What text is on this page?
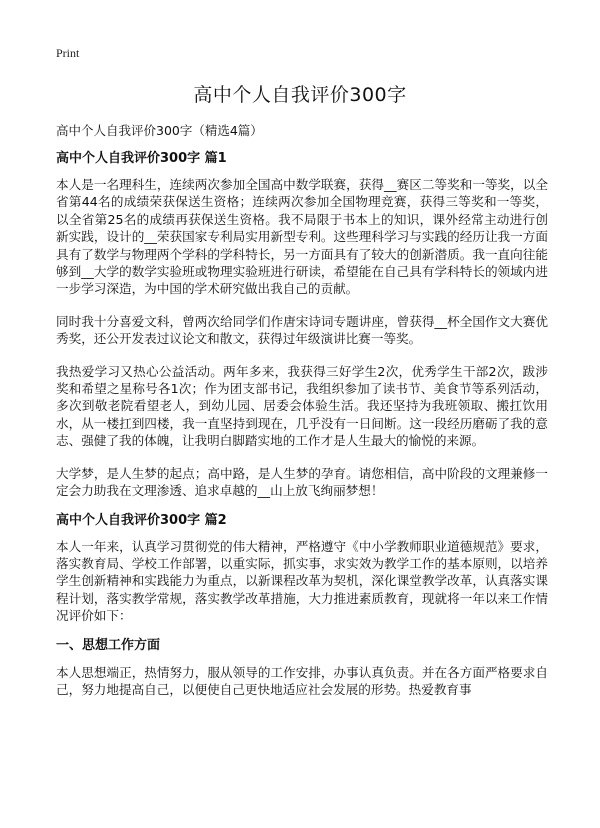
Print
高中个人自我评价300字

高中个人自我评价300字（精选4篇）

高中个人自我评价300字 篇1

本人是一名理科生，连续两次参加全国高中数学联赛，获得__赛区二等奖和一等奖，以全省第44名的成绩荣获保送生资格；连续两次参加全国物理竞赛，获得三等奖和一等奖，以全省第25名的成绩再获保送生资格。我不局限于书本上的知识，课外经常主动进行创新实践，设计的__荣获国家专利局实用新型专利。这些理科学习与实践的经历让我一方面具有了数学与物理两个学科的学科特长，另一方面具有了较大的创新潜质。我一直向往能够到__大学的数学实验班或物理实验班进行研读，希望能在自己具有学科特长的领域内进一步学习深造，为中国的学术研究做出我自己的贡献。

同时我十分喜爱文科，曾两次给同学们作唐宋诗词专题讲座，曾获得__杯全国作文大赛优秀奖，还公开发表过议论文和散文，获得过年级演讲比赛一等奖。

我热爱学习又热心公益活动。两年多来，我获得三好学生2次，优秀学生干部2次，跋涉奖和希望之星称号各1次；作为团支部书记，我组织参加了读书节、美食节等系列活动，多次到敬老院看望老人，到幼儿园、居委会体验生活。我还坚持为我班领取、搬扛饮用水，从一楼扛到四楼，我一直坚持到现在，几乎没有一日间断。这一段经历磨砺了我的意志、强健了我的体魄，让我明白脚踏实地的工作才是人生最大的愉悦的来源。

大学梦，是人生梦的起点；高中路，是人生梦的孕育。请您相信，高中阶段的文理兼修一定会力助我在文理渗透、追求卓越的__山上放飞绚丽梦想！

高中个人自我评价300字 篇2

本人一年来，认真学习贯彻党的伟大精神，严格遵守《中小学教师职业道德规范》要求，落实教育局、学校工作部署，以重实际，抓实事，求实效为教学工作的基本原则，以培养学生创新精神和实践能力为重点，以新课程改革为契机，深化课堂教学改革，认真落实课程计划，落实教学常规，落实教学改革措施，大力推进素质教育，现就将一年以来工作情况评价如下：

一、思想工作方面

本人思想端正，热情努力，服从领导的工作安排，办事认真负责。并在各方面严格要求自己，努力地提高自己，以便使自己更快地适应社会发展的形势。热爱教育事
